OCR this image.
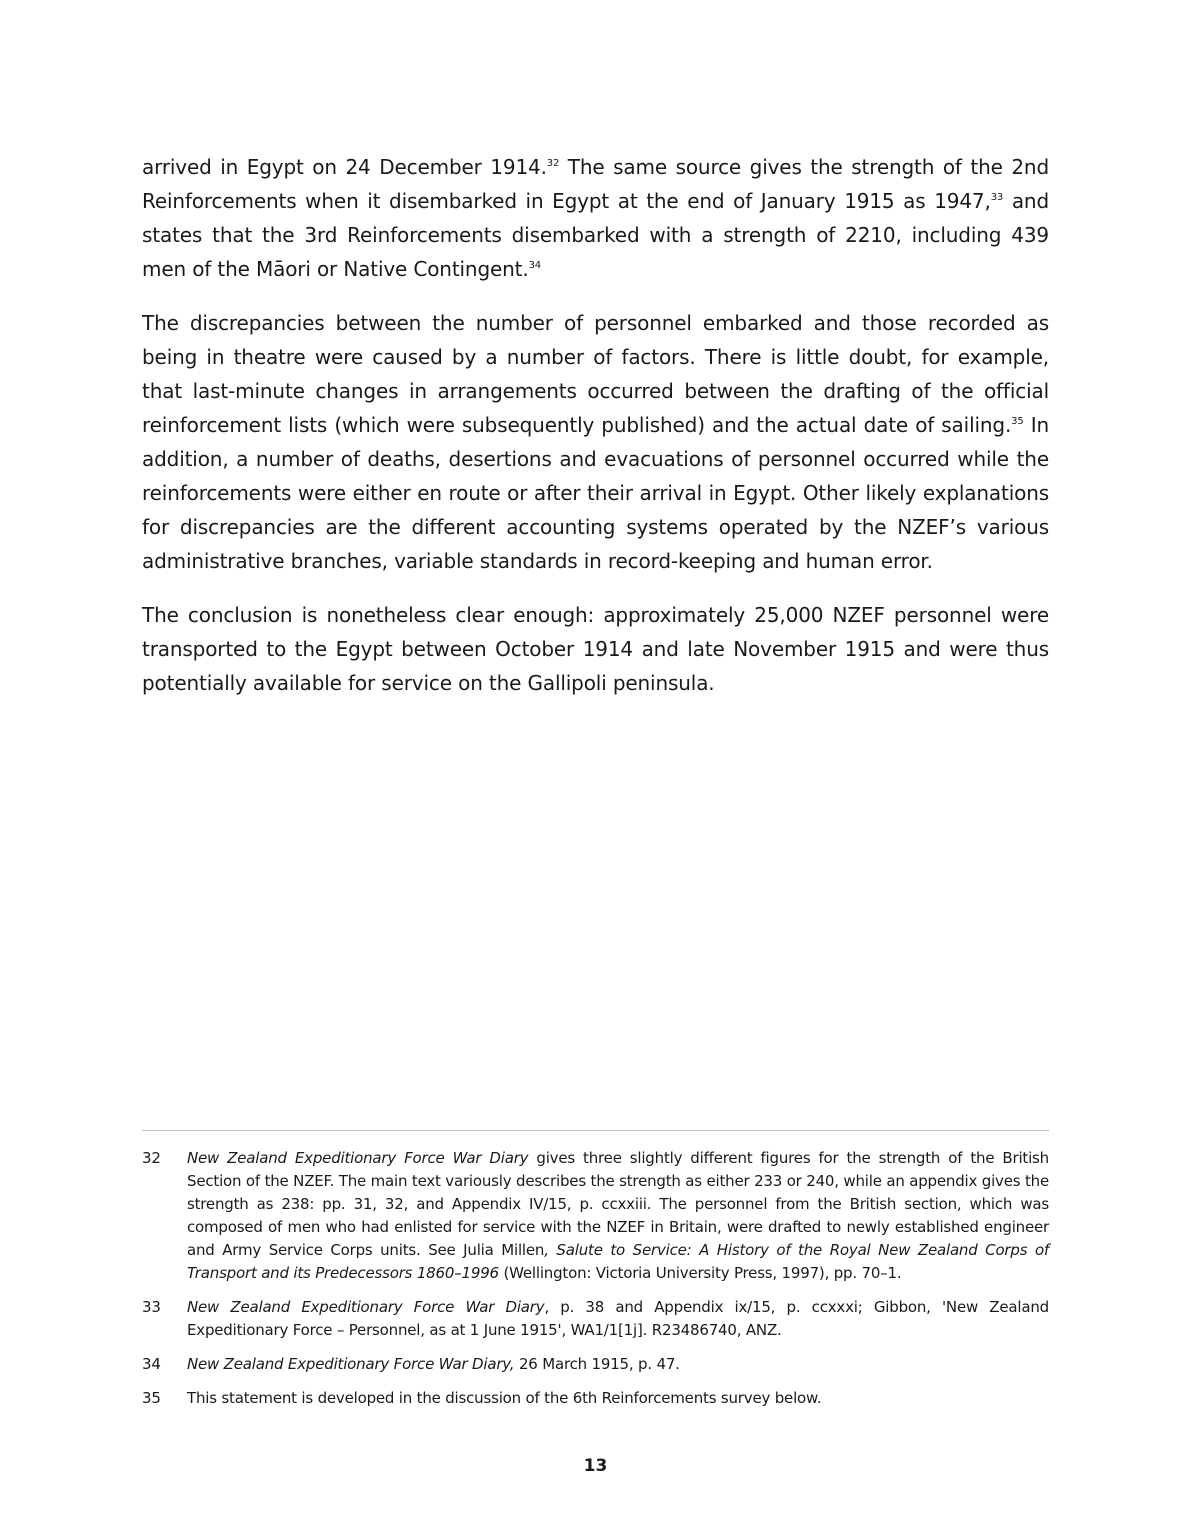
arrived in Egypt on 24 December 1914.32 The same source gives the strength of the 2nd Reinforcements when it disembarked in Egypt at the end of January 1915 as 1947,33 and states that the 3rd Reinforcements disembarked with a strength of 2210, including 439 men of the Māori or Native Contingent.$^{34}$

The discrepancies between the number of personnel embarked and those recorded as being in theatre were caused by a number of factors. There is little doubt, for example, that last-minute changes in arrangements occurred between the drafting of the official reinforcement lists (which were subsequently published) and the actual date of sailing.$^{35}$ In addition, a number of deaths, desertions and evacuations of personnel occurred while the reinforcements were either en route or after their arrival in Egypt. Other likely explanations for discrepancies are the different accounting systems operated by the NZEF’s various administrative branches, variable standards in record-keeping and human error.

The conclusion is nonetheless clear enough: approximately 25,000 NZEF personnel were transported to the Egypt between October 1914 and late November 1915 and were thus potentially available for service on the Gallipoli peninsula.

32	New Zealand Expeditionary Force War Diary gives three slightly different figures for the strength of the British Section of the NZEF. The main text variously describes the strength as either 233 or 240, while an appendix gives the strength as 238: pp. 31, 32, and Appendix IV/15, p. ccxxiii. The personnel from the British section, which was composed of men who had enlisted for service with the NZEF in Britain, were drafted to newly established engineer and Army Service Corps units. See Julia Millen, Salute to Service: A History of the Royal New Zealand Corps of Transport and its Predecessors 1860–1996 (Wellington: Victoria University Press, 1997), pp. 70–1.
33	New Zealand Expeditionary Force War Diary, p. 38 and Appendix ix/15, p. ccxxxi; Gibbon, 'New Zealand Expeditionary Force – Personnel, as at 1 June 1915', WA1/1[1j]. R23486740, ANZ.
34	New Zealand Expeditionary Force War Diary, 26 March 1915, p. 47.
35	This statement is developed in the discussion of the 6th Reinforcements survey below.
13
